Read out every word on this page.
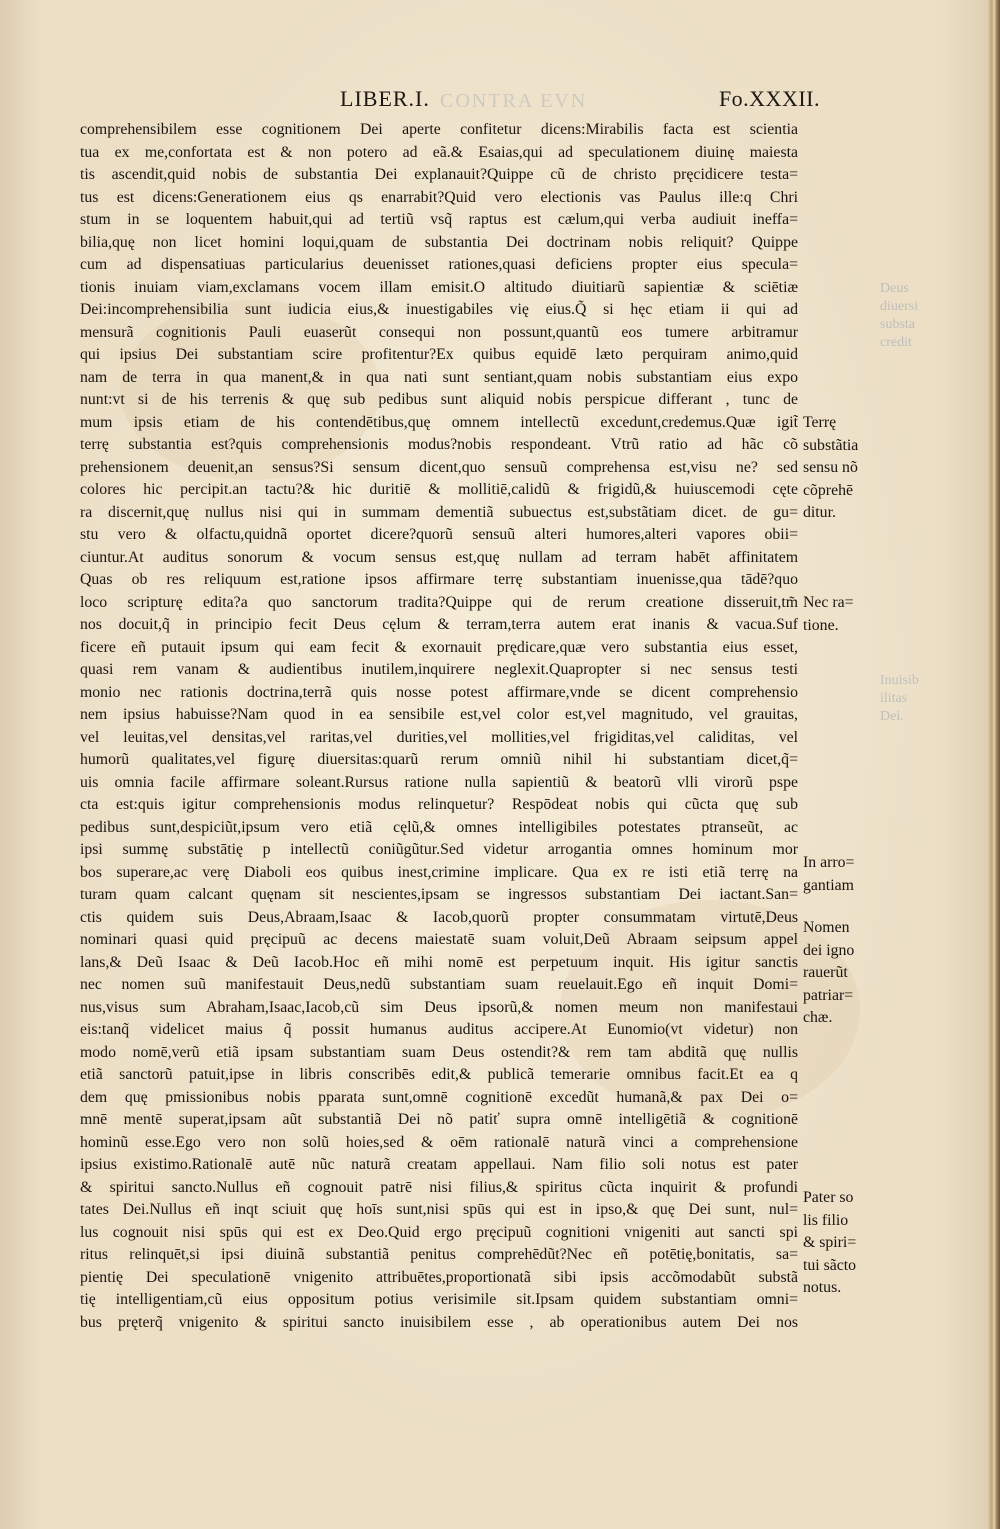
CONTRA EVN
LIBER.I.	Fo.XXXII.
comprehensibilem esse cognitionem Dei aperte confitetur dicens:Mirabilis facta est scientia
tua ex me,confortata est & non potero ad eã.& Esaias,qui ad speculationem diuinę maiesta
tis ascendit,quid nobis de substantia Dei explanauit?Quippe cũ de christo pręcidicere testa=
tus est dicens:Generationem eius qs enarrabit?Quid vero electionis vas Paulus ille:q Chri
stum in se loquentem habuit,qui ad tertiũ vsq̃ raptus est cælum,qui verba audiuit ineffa=
bilia,quę non licet homini loqui,quam de substantia Dei doctrinam nobis reliquit? Quippe
cum ad dispensatiuas particularius deuenisset rationes,quasi deficiens propter eius specula=
tionis inuiam viam,exclamans vocem illam emisit.O altitudo diuitiarũ sapientiæ & sciētiæ
Dei:incomprehensibilia sunt iudicia eius,& inuestigabiles vię eius.Q̃ si hęc etiam ii qui ad
mensurã cognitionis Pauli euaserũt consequi non possunt,quantũ eos tumere arbitramur
qui ipsius Dei substantiam scire profitentur?Ex quibus equidē læto perquiram animo,quid
nam de terra in qua manent,& in qua nati sunt sentiant,quam nobis substantiam eius expo
nunt:vt si de his terrenis & quę sub pedibus sunt aliquid nobis perspicue differant , tunc de
mum ipsis etiam de his contendētibus,quę omnem intellectũ excedunt,credemus.Quæ igit̃
terrę substantia est?quis comprehensionis modus?nobis respondeant. Vtrũ ratio ad hãc cõ
prehensionem deuenit,an sensus?Si sensum dicent,quo sensuũ comprehensa est,visu ne? sed
colores hic percipit.an tactu?& hic duritiē & mollitiē,calidũ & frigidũ,& huiuscemodi cęte
ra discernit,quę nullus nisi qui in summam dementiã subuectus est,substãtiam dicet. de gu=
stu vero & olfactu,quidnã oportet dicere?quorũ sensuũ alteri humores,alteri vapores obii=
ciuntur.At auditus sonorum & vocum sensus est,quę nullam ad terram habēt affinitatem
Quas ob res reliquum est,ratione ipsos affirmare terrę substantiam inuenisse,qua tādē?quo
loco scripturę edita?a quo sanctorum tradita?Quippe qui de rerum creatione disseruit,tm̃
nos docuit,q̃ in principio fecit Deus cęlum & terram,terra autem erat inanis & vacua.Suf
ficere eñ putauit ipsum qui eam fecit & exornauit prędicare,quæ vero substantia eius esset,
quasi rem vanam & audientibus inutilem,inquirere neglexit.Quapropter si nec sensus testi
monio nec rationis doctrina,terrã quis nosse potest affirmare,vnde se dicent comprehensio
nem ipsius habuisse?Nam quod in ea sensibile est,vel color est,vel magnitudo, vel grauitas,
vel leuitas,vel densitas,vel raritas,vel durities,vel mollities,vel frigiditas,vel caliditas, vel
humorũ qualitates,vel figurę diuersitas:quarũ rerum omniũ nihil hi substantiam dicet,q̃=
uis omnia facile affirmare soleant.Rursus ratione nulla sapientiũ & beatorũ vlli virorũ pspe
cta est:quis igitur comprehensionis modus relinquetur? Respōdeat nobis qui cũcta quę sub
pedibus sunt,despiciũt,ipsum vero etiã cęlũ,& omnes intelligibiles potestates ptranseũt, ac
ipsi summę substātię p intellectũ coniũgũtur.Sed videtur arrogantia omnes hominum mor
bos superare,ac verę Diaboli eos quibus inest,crimine implicare. Qua ex re isti etiã terrę na
turam quam calcant quęnam sit nescientes,ipsam se ingressos substantiam Dei iactant.San=
ctis quidem suis Deus,Abraam,Isaac & Iacob,quorũ propter consummatam virtutē,Deus
nominari quasi quid pręcipuũ ac decens maiestatē suam voluit,Deũ Abraam seipsum appel
lans,& Deũ Isaac & Deũ Iacob.Hoc eñ mihi nomē est perpetuum inquit. His igitur sanctis
nec nomen suũ manifestauit Deus,nedũ substantiam suam reuelauit.Ego eñ inquit Domi=
nus,visus sum Abraham,Isaac,Iacob,cũ sim Deus ipsorũ,& nomen meum non manifestaui
eis:tanq̃ videlicet maius q̃ possit humanus auditus accipere.At Eunomio(vt videtur) non
modo nomē,verũ etiã ipsam substantiam suam Deus ostendit?& rem tam abditã quę nullis
etiã sanctorũ patuit,ipse in libris conscribēs edit,& publicã temerarie omnibus facit.Et ea q
dem quę pmissionibus nobis pparata sunt,omnē cognitionē excedũt humanã,& pax Dei o=
mnē mentē superat,ipsam aũt substantiã Dei nõ patiť supra omnē intelligētiã & cognitionē
hominũ esse.Ego vero non solũ hoies,sed & oēm rationalē naturã vinci a comprehensione
ipsius existimo.Rationalē autē nũc naturã creatam appellaui. Nam filio soli notus est pater
& spiritui sancto.Nullus eñ cognouit patrē nisi filius,& spiritus cũcta inquirit & profundi
tates Dei.Nullus eñ inqt sciuit quę hoīs sunt,nisi spūs qui est in ipso,& quę Dei sunt, nul=
lus cognouit nisi spūs qui est ex Deo.Quid ergo pręcipuũ cognitioni vnigeniti aut sancti spi
ritus relinquēt,si ipsi diuinã substantiã penitus comprehēdũt?Nec eñ potētię,bonitatis, sa=
pientię Dei speculationē vnigenito attribuētes,proportionatã sibi ipsis accõmodabũt substã
tię intelligentiam,cũ eius oppositum potius verisimile sit.Ipsam quidem substantiam omni=
bus pręterq̃ vnigenito & spiritui sancto inuisibilem esse , ab operationibus autem Dei nos
Terrę
substãtia
sensu nõ
cõprehē
ditur.
Nec ra=
tione.
In arro=
gantiam
Nomen
dei igno
rauerũt
patriar=
chæ.
Pater so
lis filio
& spiri=
tui sãcto
notus.
Deus
diuersi
substa
credit
Inuisib
ilitas
Dei.
